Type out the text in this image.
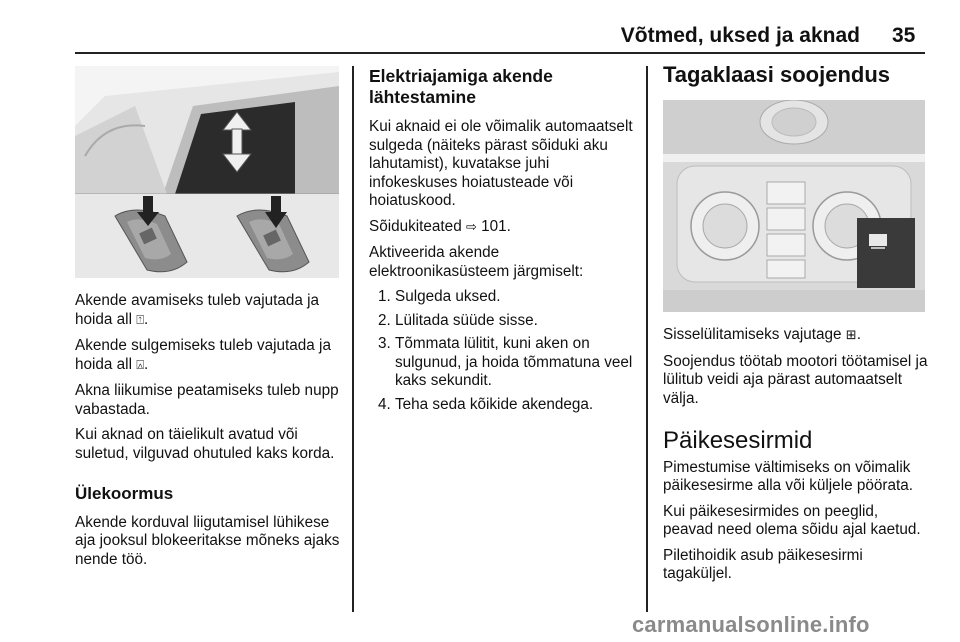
Võtmed, uksed ja aknad 35

Akende avamiseks tuleb vajutada ja hoida all ⍐.

Akende sulgemiseks tuleb vajutada ja hoida all ⍓.

Akna liikumise peatamiseks tuleb nupp vabastada.

Kui aknad on täielikult avatud või suletud, vilguvad ohutuled kaks korda.

Ülekoormus

Akende korduval liigutamisel lühikese aja jooksul blokeeritakse mõneks ajaks nende töö.

Elektriajamiga akende lähtestamine

Kui aknaid ei ole võimalik automaatselt sulgeda (näiteks pärast sõiduki aku lahutamist), kuvatakse juhi infokeskuses hoiatusteade või hoiatuskood.

Sõidukiteated ⇨ 101.

Aktiveerida akende elektroonikasüsteem järgmiselt:

1. Sulgeda uksed.
2. Lülitada süüde sisse.
3. Tõmmata lülitit, kuni aken on sulgunud, ja hoida tõmmatuna veel kaks sekundit.
4. Teha seda kõikide akendega.
Tagaklaasi soojendus

Sisselülitamiseks vajutage ⊞.

Soojendus töötab mootori töötamisel ja lülitub veidi aja pärast automaatselt välja.

Päikesesirmid

Pimestumise vältimiseks on võimalik päikesesirme alla või küljele pöörata.

Kui päikesesirmides on peeglid, peavad need olema sõidu ajal kaetud.

Piletihoidik asub päikesesirmi tagaküljel.

carmanualsonline.info
